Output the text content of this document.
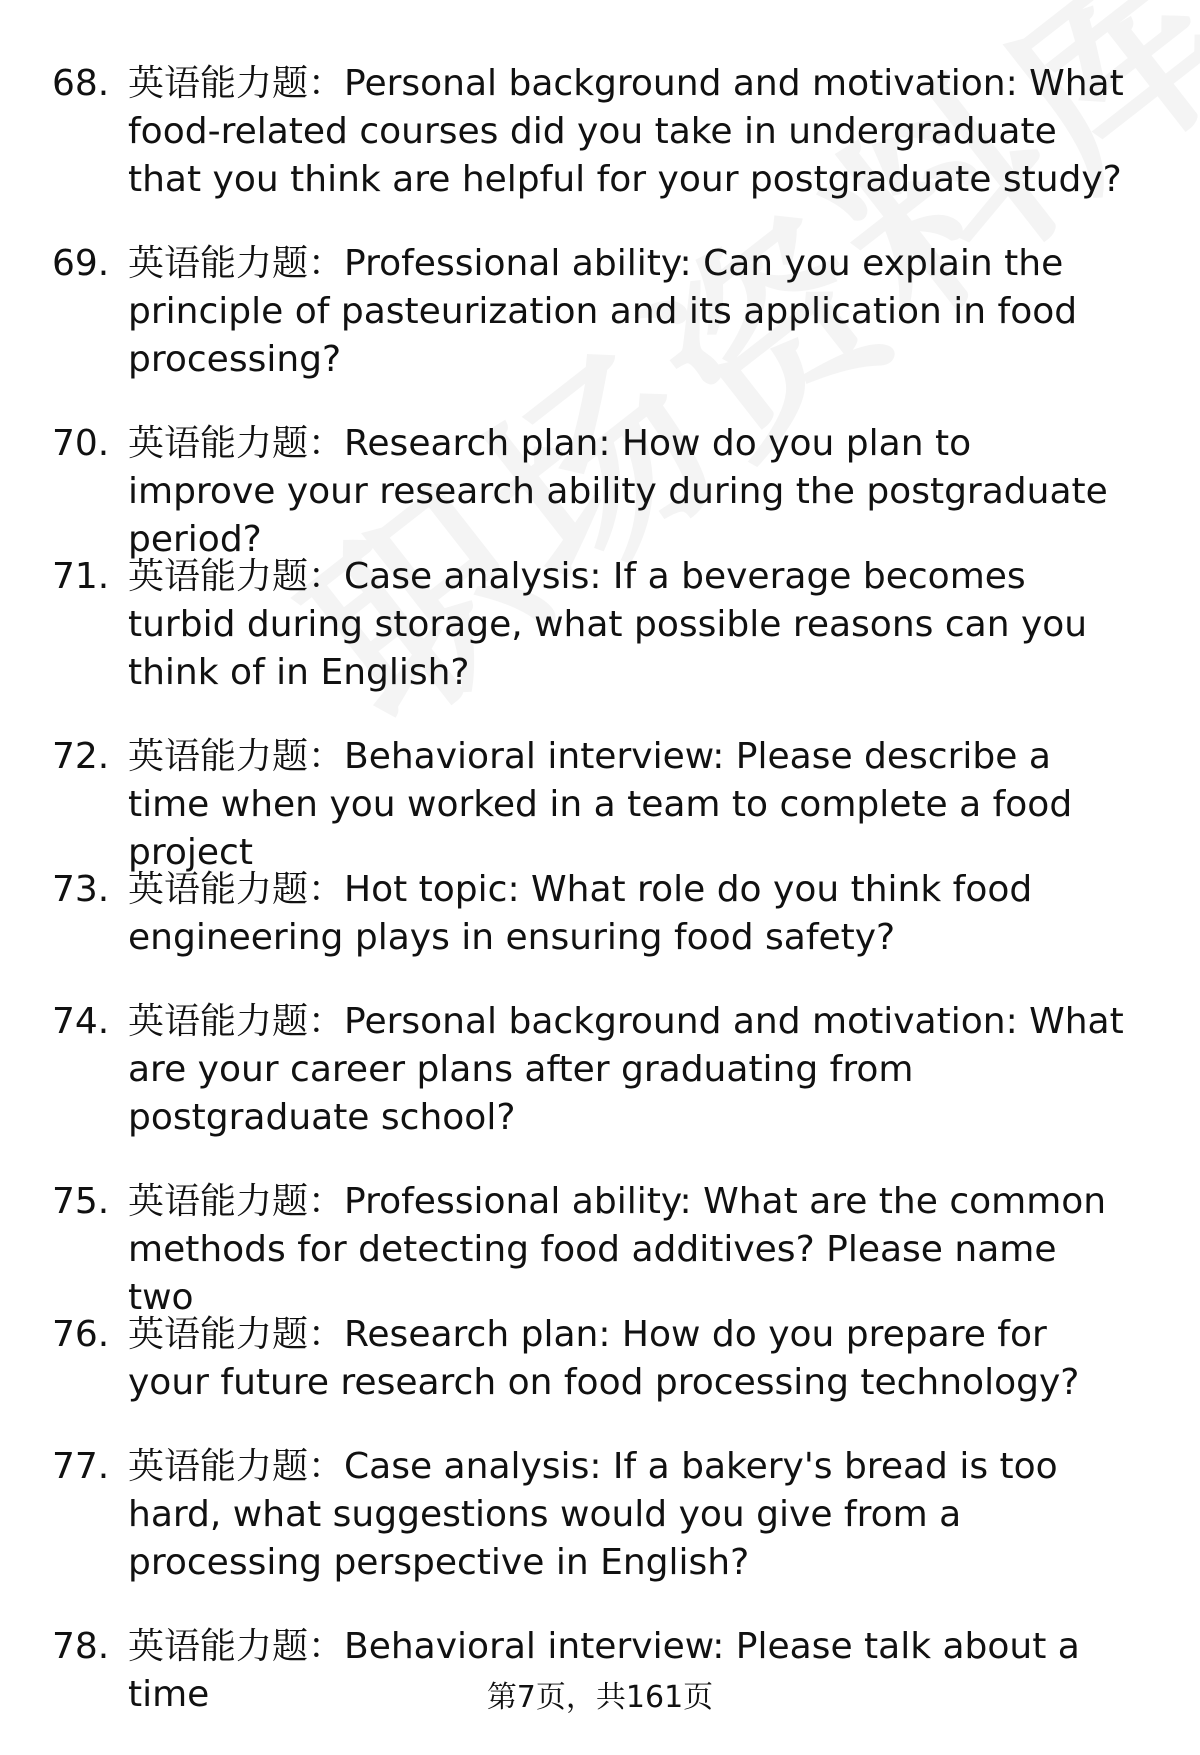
68. 英语能力题：Personal background and motivation: What food-related courses did you take in undergraduate that you think are helpful for your postgraduate study?
69. 英语能力题：Professional ability: Can you explain the principle of pasteurization and its application in food processing?
70. 英语能力题：Research plan: How do you plan to improve your research ability during the postgraduate period?
71. 英语能力题：Case analysis: If a beverage becomes turbid during storage, what possible reasons can you think of in English?
72. 英语能力题：Behavioral interview: Please describe a time when you worked in a team to complete a food project
73. 英语能力题：Hot topic: What role do you think food engineering plays in ensuring food safety?
74. 英语能力题：Personal background and motivation: What are your career plans after graduating from postgraduate school?
75. 英语能力题：Professional ability: What are the common methods for detecting food additives? Please name two
76. 英语能力题：Research plan: How do you prepare for your future research on food processing technology?
77. 英语能力题：Case analysis: If a bakery's bread is too hard, what suggestions would you give from a processing perspective in English?
78. 英语能力题：Behavioral interview: Please talk about a time	第7页，共161页
